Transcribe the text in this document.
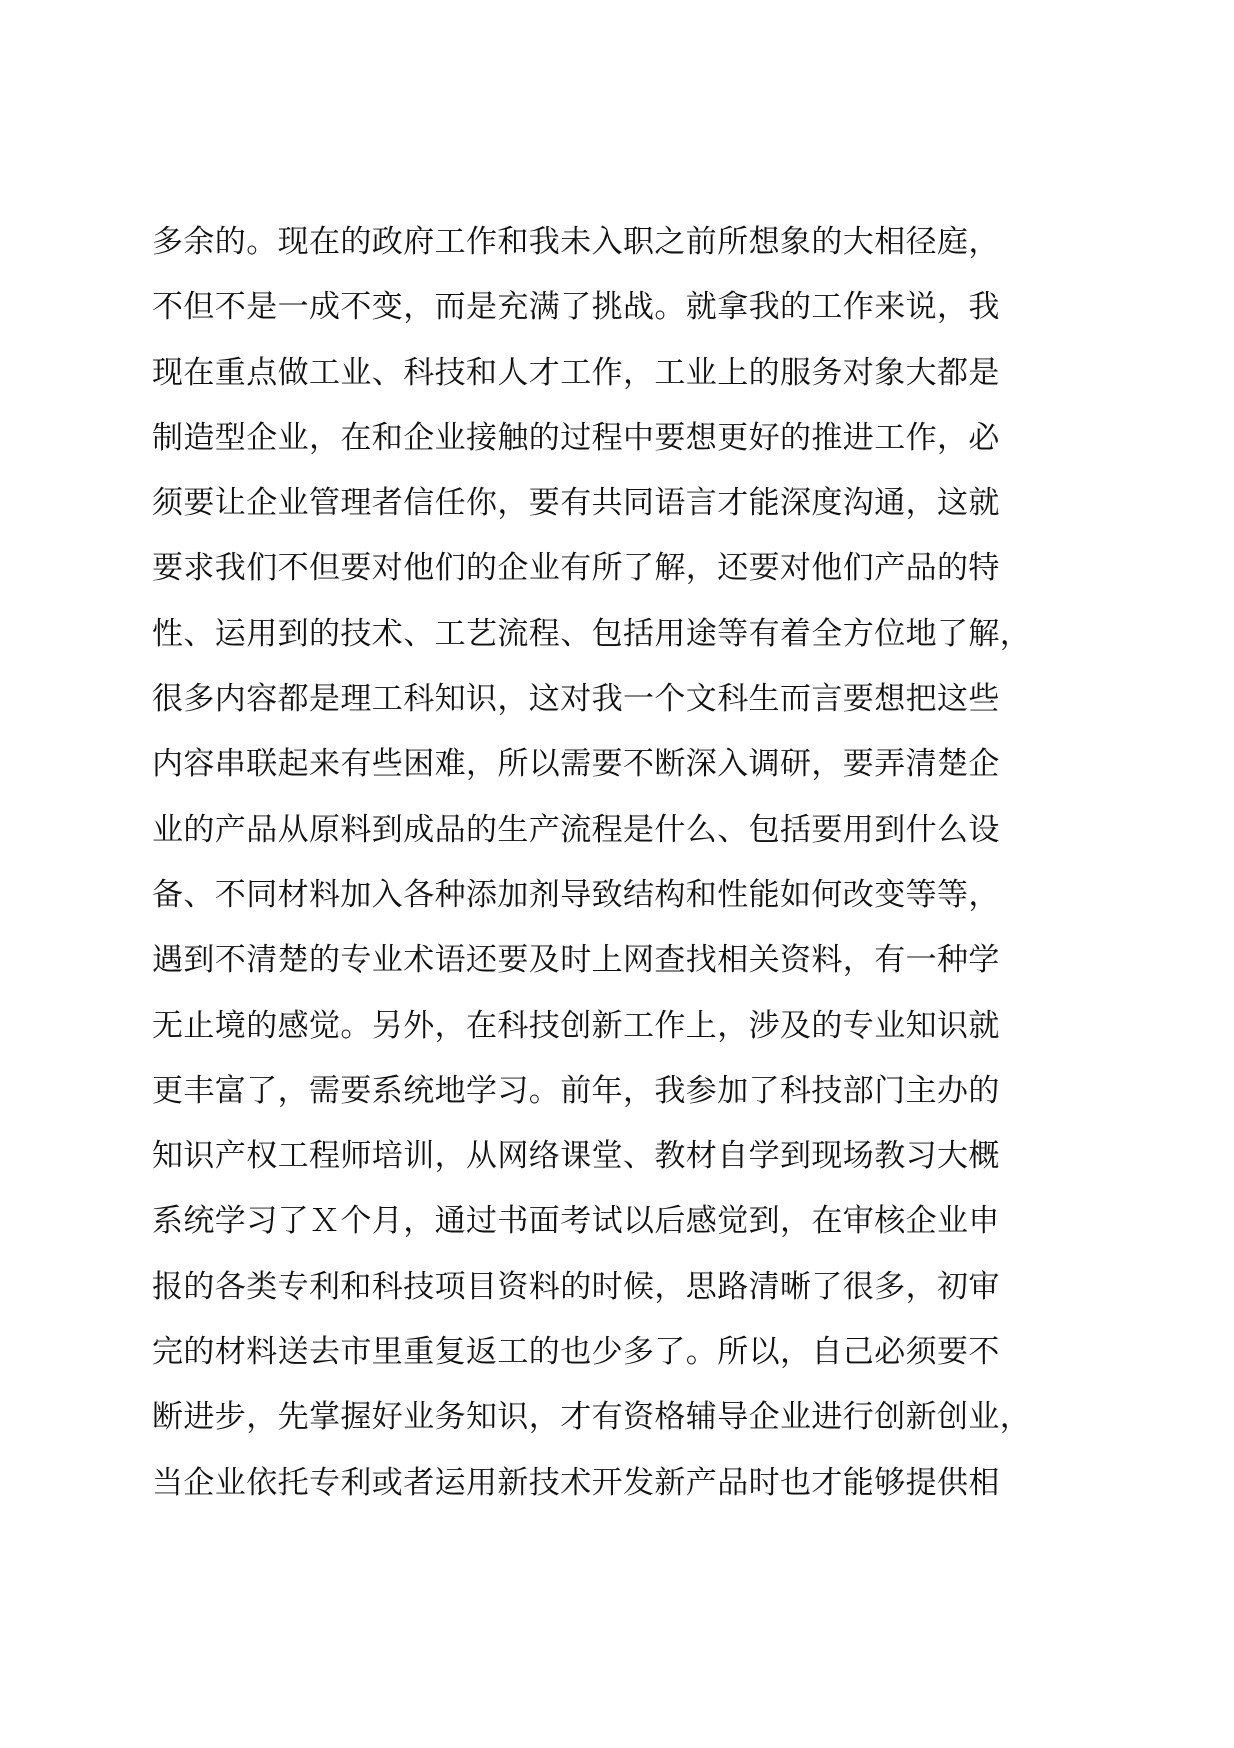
多余的。现在的政府工作和我未入职之前所想象的大相径庭，
不但不是一成不变，而是充满了挑战。就拿我的工作来说，我
现在重点做工业、科技和人才工作，工业上的服务对象大都是
制造型企业，在和企业接触的过程中要想更好的推进工作，必
须要让企业管理者信任你，要有共同语言才能深度沟通，这就
要求我们不但要对他们的企业有所了解，还要对他们产品的特
性、运用到的技术、工艺流程、包括用途等有着全方位地了解，
很多内容都是理工科知识，这对我一个文科生而言要想把这些
内容串联起来有些困难，所以需要不断深入调研，要弄清楚企
业的产品从原料到成品的生产流程是什么、包括要用到什么设
备、不同材料加入各种添加剂导致结构和性能如何改变等等，
遇到不清楚的专业术语还要及时上网查找相关资料，有一种学
无止境的感觉。另外，在科技创新工作上，涉及的专业知识就
更丰富了，需要系统地学习。前年，我参加了科技部门主办的
知识产权工程师培训，从网络课堂、教材自学到现场教习大概
系统学习了Ｘ个月，通过书面考试以后感觉到，在审核企业申
报的各类专利和科技项目资料的时候，思路清晰了很多，初审
完的材料送去市里重复返工的也少多了。所以，自己必须要不
断进步，先掌握好业务知识，才有资格辅导企业进行创新创业，
当企业依托专利或者运用新技术开发新产品时也才能够提供相
